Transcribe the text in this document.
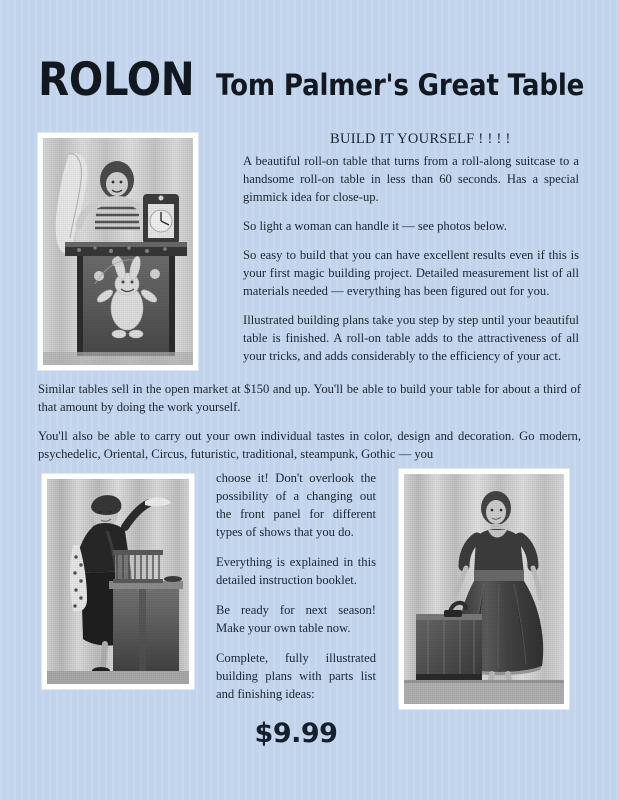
ROLON Tom Palmer's Great Table
BUILD IT YOURSELF ! ! ! !

A beautiful roll-on table that turns from a roll-along suitcase to a handsome roll-on table in less than 60 seconds. Has a special gimmick idea for close-up.

So light a woman can handle it — see photos below.

So easy to build that you can have excellent results even if this is your first magic building project. Detailed measurement list of all materials needed — everything has been figured out for you.

Illustrated building plans take you step by step until your beautiful table is finished. A roll-on table adds to the attractiveness of all your tricks, and adds considerably to the efficiency of your act.

Similar tables sell in the open market at $150 and up. You'll be able to build your table for about a third of that amount by doing the work yourself.

You'll also be able to carry out your own individual tastes in color, design and decoration. Go modern, psychedelic, Oriental, Circus, futuristic, traditional, steampunk, Gothic — you

choose it! Don't overlook the possibility of a changing out the front panel for different types of shows that you do.

Everything is explained in this detailed instruction booklet.

Be ready for next season! Make your own table now.

Complete, fully illustrated building plans with parts list and finishing ideas:

$9.99
